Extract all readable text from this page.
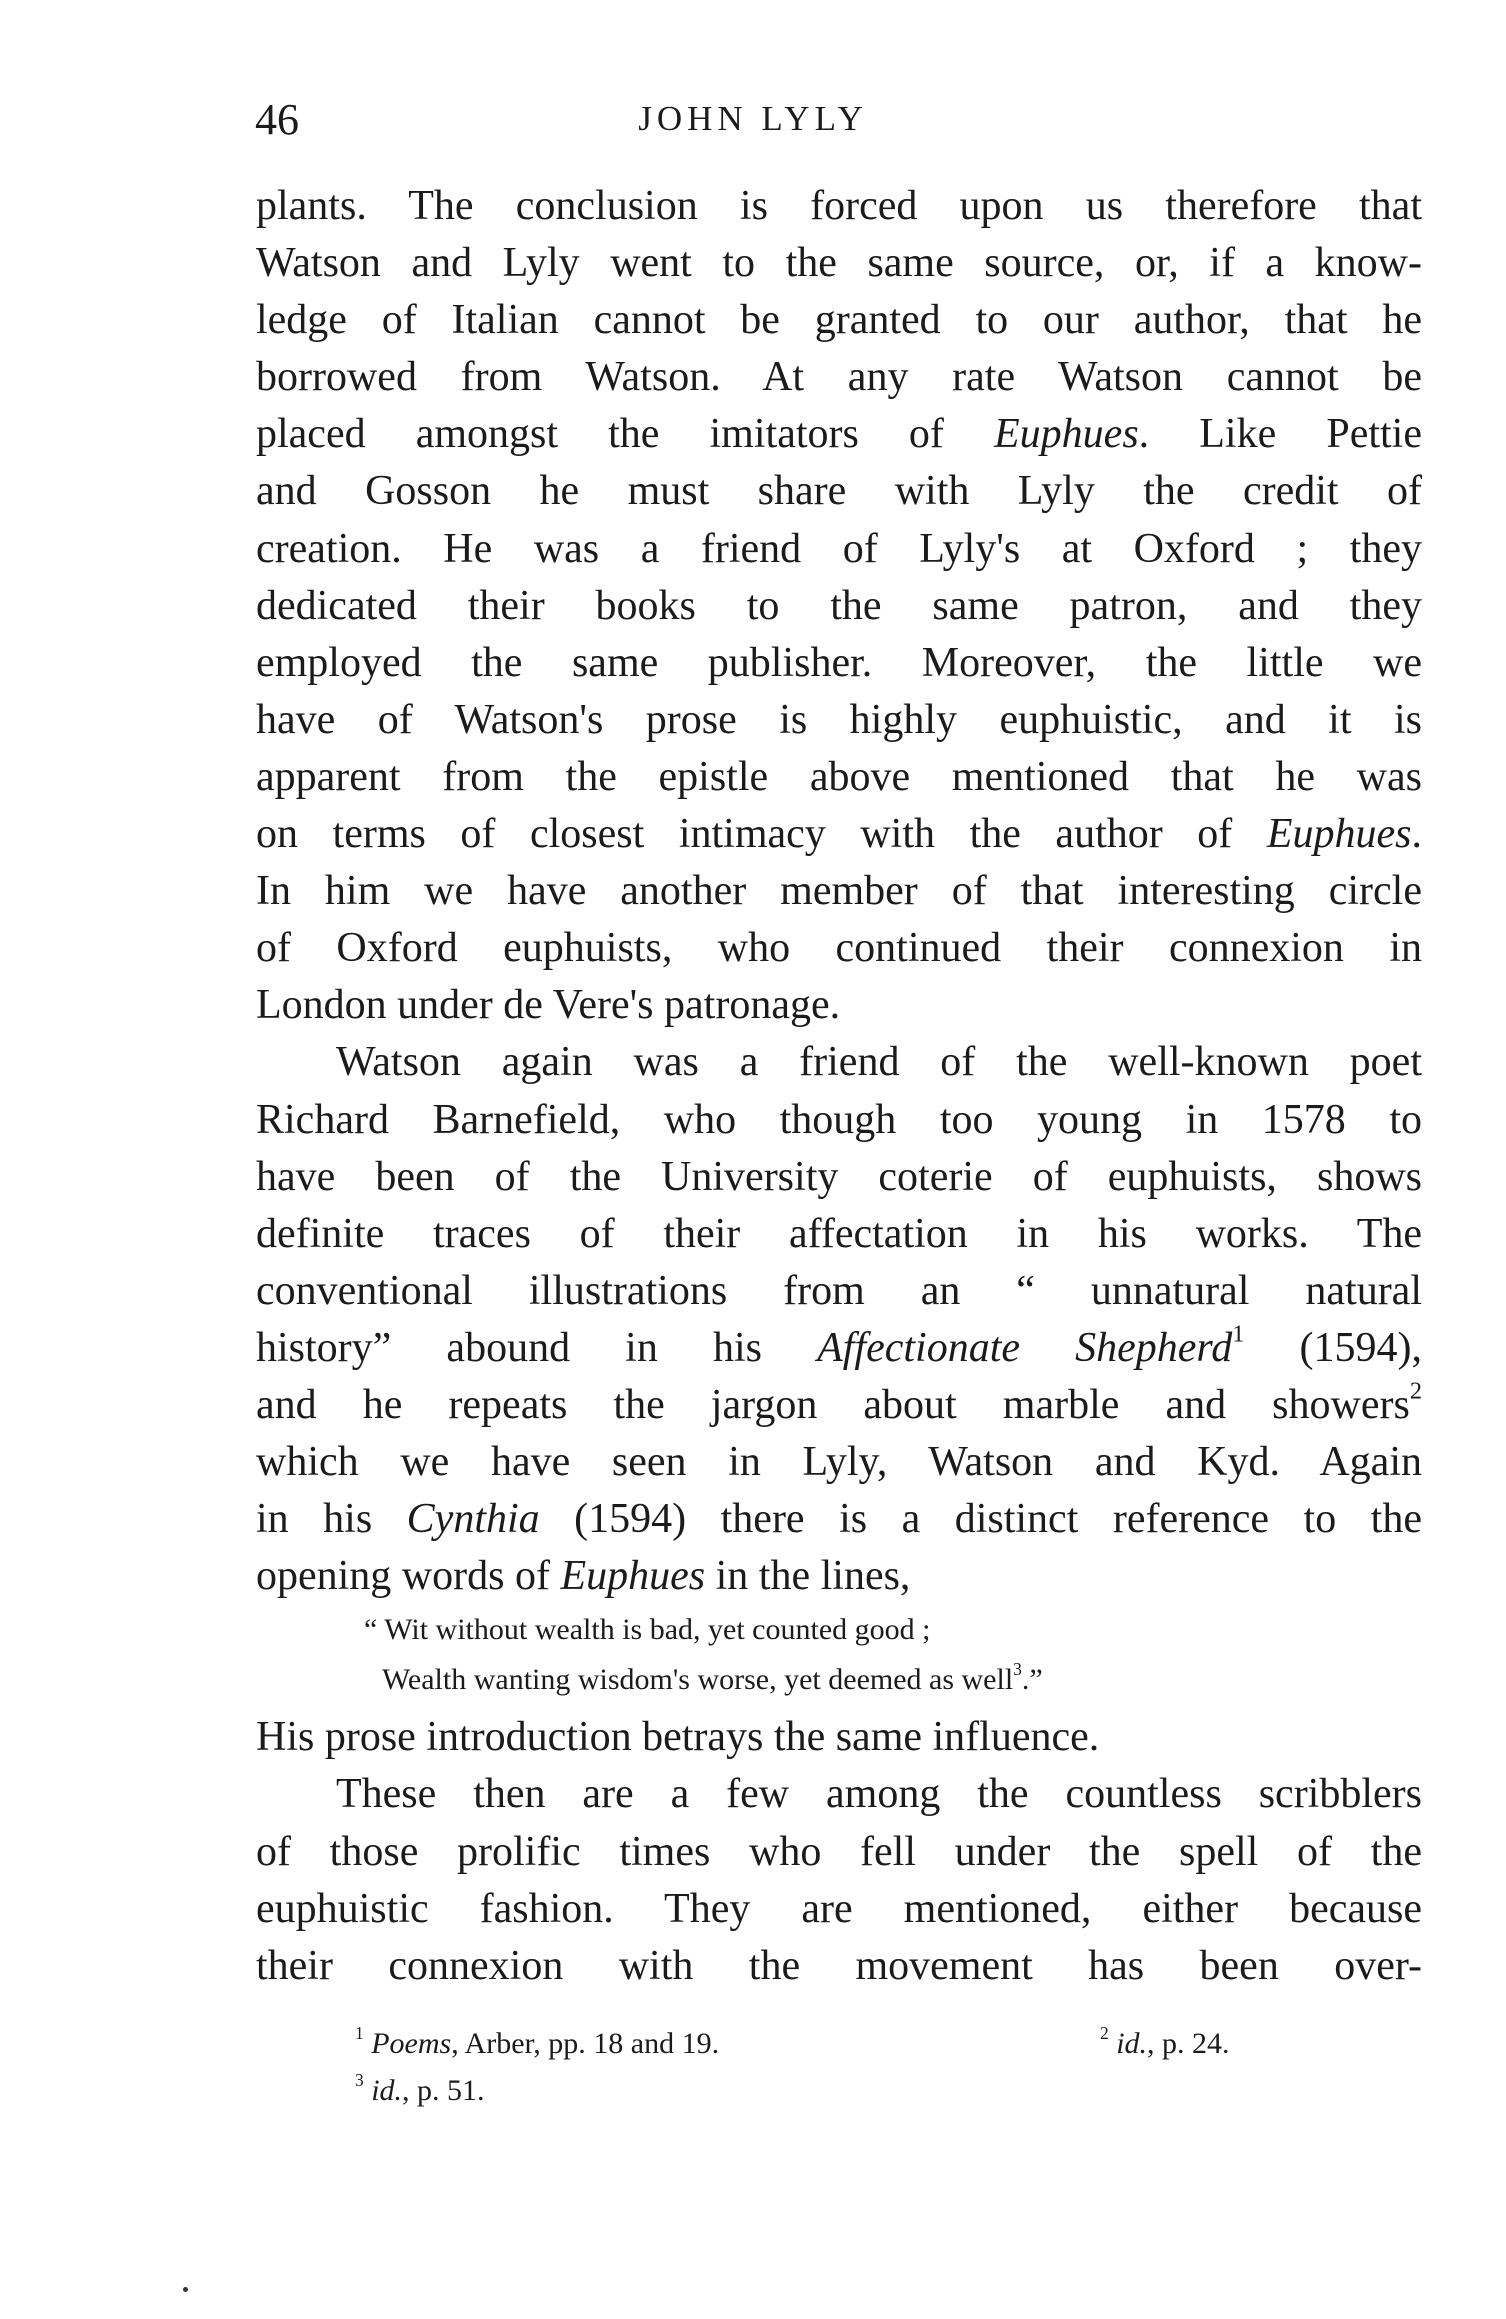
46	JOHN LYLY
plants. The conclusion is forced upon us therefore that
Watson and Lyly went to the same source, or, if a know-
ledge of Italian cannot be granted to our author, that he
borrowed from Watson. At any rate Watson cannot be
placed amongst the imitators of Euphues. Like Pettie
and Gosson he must share with Lyly the credit of
creation. He was a friend of Lyly's at Oxford ; they
dedicated their books to the same patron, and they
employed the same publisher. Moreover, the little we
have of Watson's prose is highly euphuistic, and it is
apparent from the epistle above mentioned that he was
on terms of closest intimacy with the author of Euphues.
In him we have another member of that interesting circle
of Oxford euphuists, who continued their connexion in
London under de Vere's patronage.
Watson again was a friend of the well-known poet
Richard Barnefield, who though too young in 1578 to
have been of the University coterie of euphuists, shows
definite traces of their affectation in his works. The
conventional illustrations from an “ unnatural natural
history” abound in his Affectionate Shepherd$^1$ (1594),
and he repeats the jargon about marble and showers$^2$
which we have seen in Lyly, Watson and Kyd. Again
in his Cynthia (1594) there is a distinct reference to the
opening words of Euphues in the lines,
“ Wit without wealth is bad, yet counted good ;
Wealth wanting wisdom's worse, yet deemed as well$^3$.”
His prose introduction betrays the same influence.
These then are a few among the countless scribblers
of those prolific times who fell under the spell of the
euphuistic fashion. They are mentioned, either because
their connexion with the movement has been over-
$^1$ Poems, Arber, pp. 18 and 19.	$^2$ id., p. 24.
$^3$ id., p. 51.
